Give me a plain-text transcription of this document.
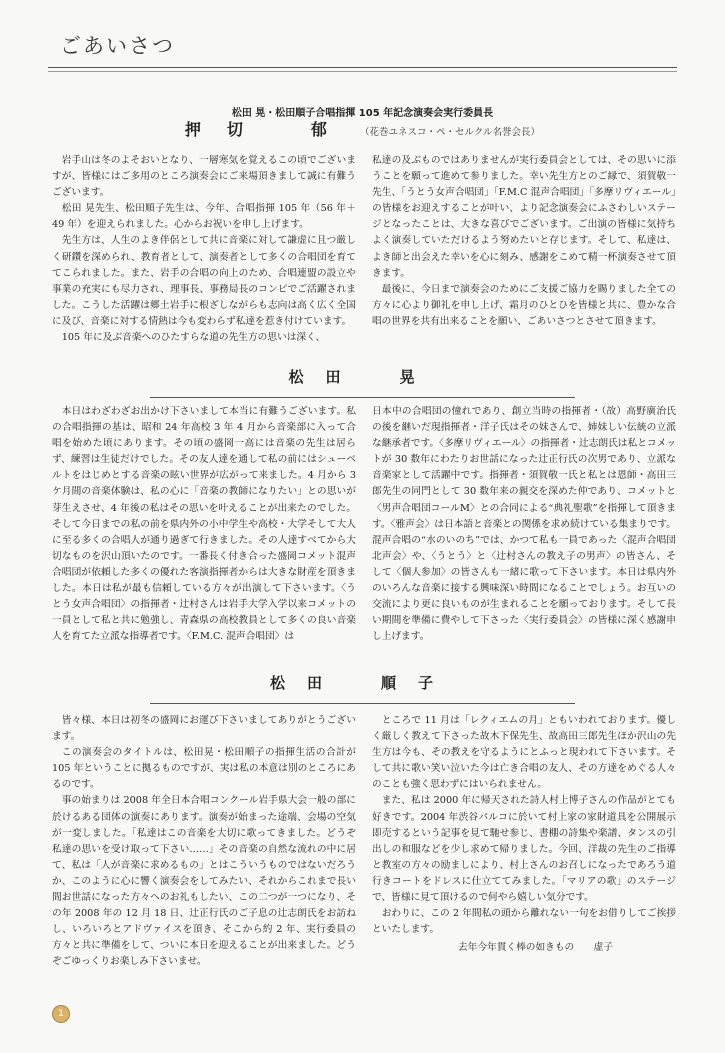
ごあいさつ
松田 晃・松田順子合唱指揮 105 年記念演奏会実行委員長
押切　郁 （花巻ユネスコ・ペ・セルクル名誉会長）

岩手山は冬のよそおいとなり、一層寒気を覚えるこの頃でございますが、皆様にはご多用のところ演奏会にご来場頂きまして誠に有難うございます。

松田 晃先生、松田順子先生は、今年、合唱指揮 105 年（56 年＋49 年）を迎えられました。心からお祝いを申し上げます。

先生方は、人生のよき伴侶として共に音楽に対して謙虚に且つ厳しく研鑽を深められ、教育者として、演奏者として多くの合唱団を育ててこられました。また、岩手の合唱の向上のため、合唱連盟の設立や事業の充実にも尽力され、理事長、事務局長のコンピでご活躍されました。こうした活躍は郷土岩手に根ざしながらも志向は高く広く全国に及び、音楽に対する情熱は今も変わらず私達を惹き付けています。

105 年に及ぶ音楽へのひたすらな道の先生方の思いは深く、

私達の及ぶものではありませんが実行委員会としては、その思いに添うことを願って進めて参りました。幸い先生方とのご縁で、須賀敬一先生、「うとう女声合唱団」「F.M.C 混声合唱団」「多摩リヴィエール」の皆様をお迎えすることが叶い、より記念演奏会にふさわしいステージとなったことは、大きな喜びでございます。ご出演の皆様に気持ちよく演奏していただけるよう努めたいと存じます。そして、私達は、よき師と出会えた幸いを心に刻み、感謝をこめて精一杯演奏させて頂きます。

最後に、今日まで演奏会のためにご支援ご協力を賜りました全ての方々に心より御礼を申し上げ、霜月のひとひを皆様と共に、豊かな合唱の世界を共有出来ることを願い、ごあいさつとさせて頂きます。

松田　晃

本日はわざわざお出かけ下さいまして本当に有難うございます。私の合唱指揮の基は、昭和 24 年高校 3 年 4 月から音楽部に入って合唱を始めた頃にあります。その頃の盛岡一高には音楽の先生は居らず、練習は生徒だけでした。その友人達を通して私の前にはシューベルトをはじめとする音楽の眩い世界が広がって来ました。4 月から 3 ケ月間の音楽体験は、私の心に「音楽の教師になりたい」との思いが芽生えさせ、4 年後の私はその思いを叶えることが出来たのでした。そして今日までの私の前を県内外の小中学生や高校・大学そして大人に至る多くの合唱人が通り過ぎて行きました。その人達すべてから大切なものを沢山頂いたのです。一番長く付き合った盛岡コメット混声合唱団が依頼した多くの優れた客演指揮者からは大きな財産を頂きました。本日は私が最も信頼している方々が出演して下さいます。〈うとう女声合唱団〉の指揮者・辻村さんは岩手大学入学以来コメットの一員として私と共に勉強し、青森県の高校教員として多くの良い音楽人を育てた立派な指導者です。〈F.M.C. 混声合唱団〉は

日本中の合唱団の憧れであり、創立当時の指揮者・（故）高野廣治氏の後を継いだ現指揮者・洋子氏はその妹さんで、姉妹しい伝統の立派な継承者です。〈多摩リヴィエール〉の指揮者・辻志朗氏は私とコメットが 30 数年にわたりお世話になった辻正行氏の次男であり、立派な音楽家として活躍中です。指揮者・須賀敬一氏と私とは恩師・高田三郎先生の同門として 30 数年来の親交を深めた仲であり、コメットと〈男声合唱団コールM〉との合同による“典礼聖歌”を指揮して頂きます。〈雅声会〉は日本語と音楽との関係を求め続けている集まりです。混声合唱の“水のいのち”では、かつて私も一員であった〈混声合唱団北声会〉や、〈うとう〉と〈辻村さんの教え子の男声〉の皆さん、そして〈個人参加〉の皆さんも一緒に歌って下さいます。本日は県内外のいろんな音楽に接する興味深い時間になることでしょう。お互いの交流により更に良いものが生まれることを願っております。そして長い期間を準備に費やして下さった〈実行委員会〉の皆様に深く感謝申し上げます。

松田　順子

皆々様、本日は初冬の盛岡にお運び下さいましてありがとうございます。

この演奏会のタイトルは、松田晃・松田順子の指揮生活の合計が 105 年ということに拠るものですが、実は私の本意は別のところにあるのです。

事の始まりは 2008 年全日本合唱コンクール岩手県大会一般の部に於けるある団体の演奏にあります。演奏が始まった途端、会場の空気が一変しました。「私達はこの音楽を大切に歌ってきました。どうぞ私達の思いを受け取って下さい……」その音楽の自然な流れの中に居て、私は「人が音楽に求めるもの」とはこういうものではないだろうか、このように心に響く演奏会をしてみたい、それからこれまで長い間お世話になった方々へのお礼もしたい、この二つが一つになり、その年 2008 年の 12 月 18 日、辻正行氏のご子息の辻志朗氏をお訪ねし、いろいろとアドヴァイスを頂き、そこから約 2 年、実行委員の方々と共に準備をして、ついに本日を迎えることが出来ました。どうぞごゆっくりお楽しみ下さいませ。

ところで 11 月は「レクィエムの月」ともいわれております。優しく厳しく教えて下さった故木下保先生、故高田三郎先生ほか沢山の先生方は今も、その教えを守るようにとふっと現われて下さいます。そして共に歌い笑い泣いた今は亡き合唱の友人、その方達をめぐる人々のことも強く思わずにはいられません。

また、私は 2000 年に帰天された詩人村上博子さんの作品がとても好きです。2004 年渋谷パルコに於いて村上家の家財道具を公開展示即売するという記事を見て馳せ参じ、書棚の詩集や楽譜、タンスの引出しの和服などを少し求めて帰りました。今回、洋裁の先生のご指導と教室の方々の励ましにより、村上さんのお召しになったであろう道行きコートをドレスに仕立ててみました。「マリアの歌」のステージで、皆様に見て頂けるので何やら嬉しい気分です。

おわりに、この 2 年間私の頭から離れない一句をお借りしてご挨拶といたします。

去年今年貫く棒の如きもの　　虚子

1
